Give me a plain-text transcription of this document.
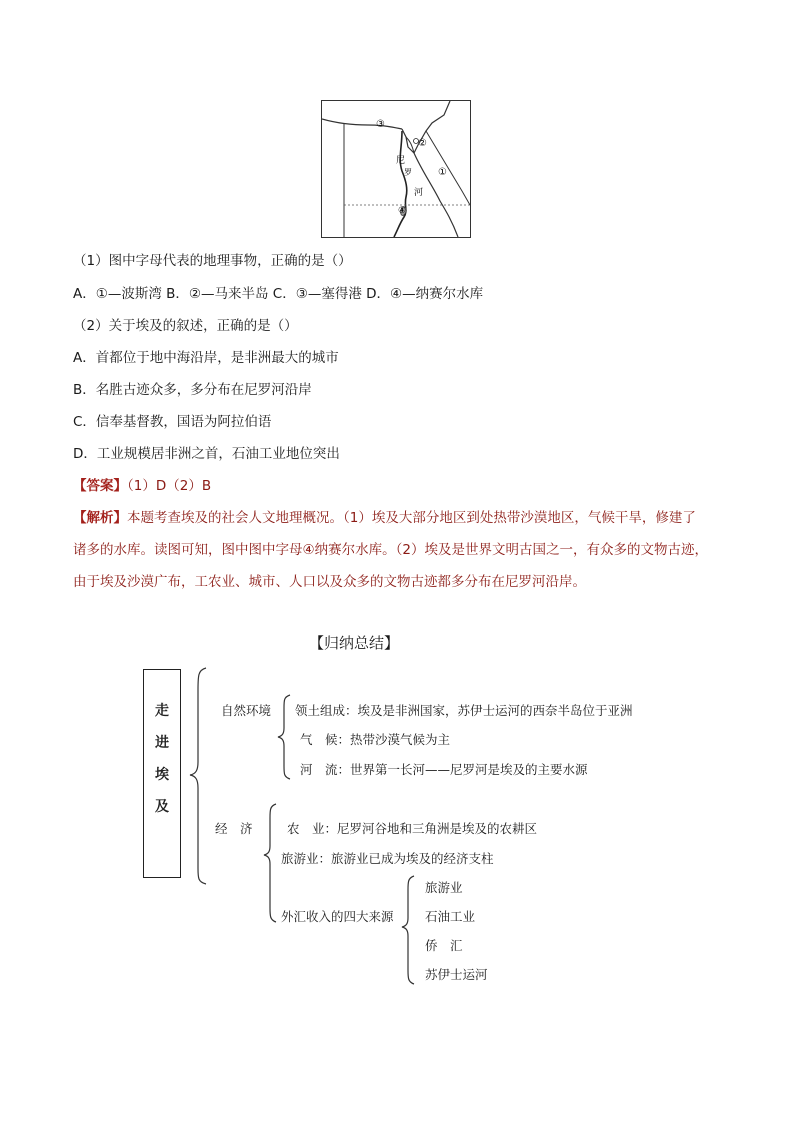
③
②
①
④
尼
罗
河
（1）图中字母代表的地理事物，正确的是（）
A．①—波斯湾 B．②—马来半岛 C．③—塞得港 D．④—纳赛尔水库
（2）关于埃及的叙述，正确的是（）
A．首都位于地中海沿岸，是非洲最大的城市
B．名胜古迹众多，多分布在尼罗河沿岸
C．信奉基督教，国语为阿拉伯语
D．工业规模居非洲之首，石油工业地位突出
【答案】（1）D（2）B
【解析】本题考查埃及的社会人文地理概况。（1）埃及大部分地区到处热带沙漠地区，气候干旱，修建了
诸多的水库。读图可知，图中图中字母④纳赛尔水库。（2）埃及是世界文明古国之一，有众多的文物古迹，
由于埃及沙漠广布，工农业、城市、人口以及众多的文物古迹都多分布在尼罗河沿岸。
【归纳总结】
走
进
埃
及
自然环境 领土组成：埃及是非洲国家，苏伊士运河的西奈半岛位于亚洲
气　候：热带沙漠气候为主
河　流：世界第一长河——尼罗河是埃及的主要水源
经　济	农　业：尼罗河谷地和三角洲是埃及的农耕区
旅游业：旅游业已成为埃及的经济支柱
外汇收入的四大来源
旅游业
石油工业
侨　汇
苏伊士运河
